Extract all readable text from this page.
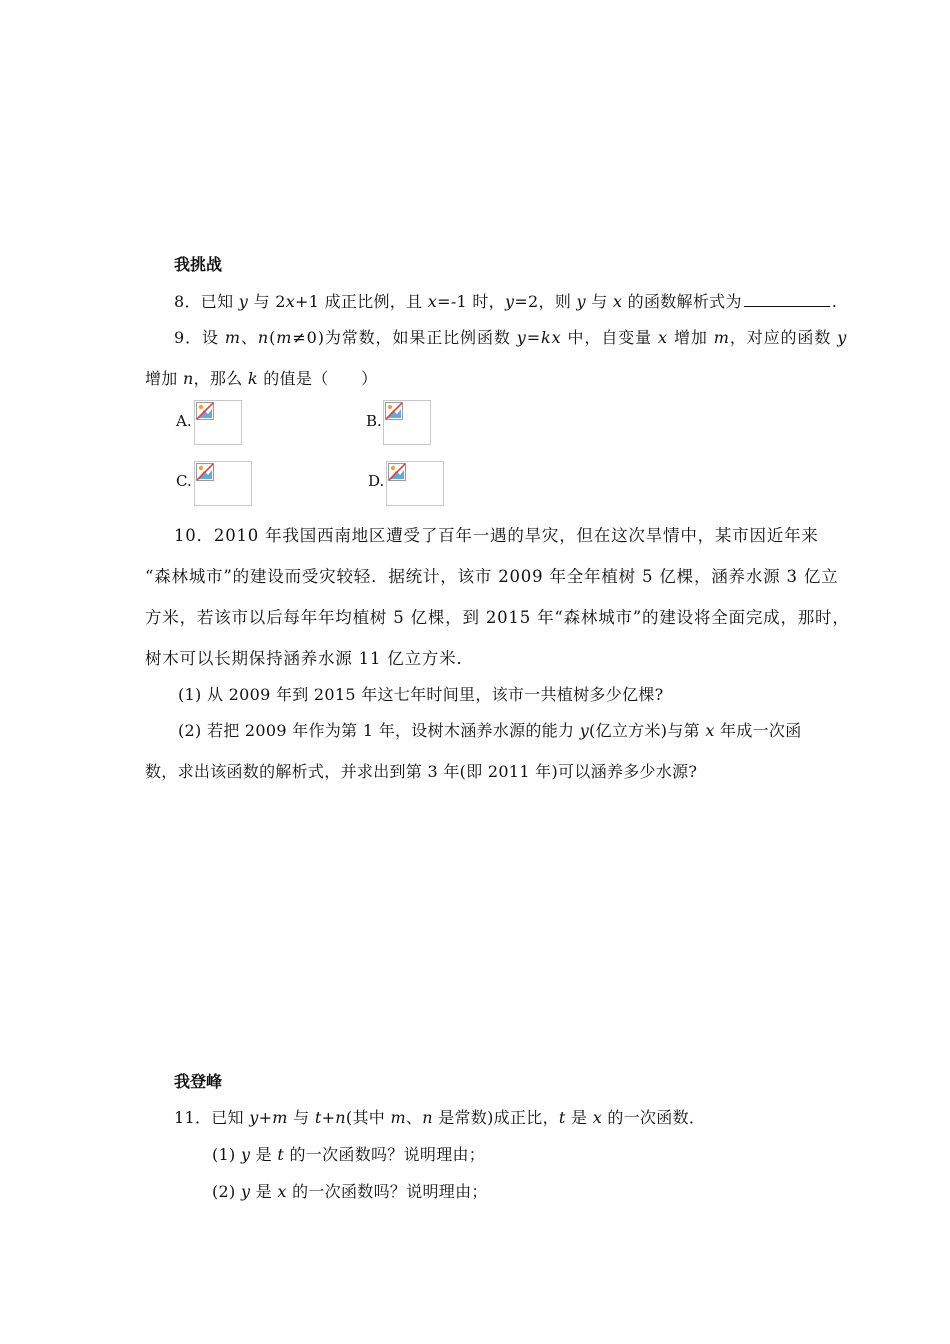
我挑战
8．已知 y 与 2x+1 成正比例，且 x=-1 时，y=2，则 y 与 x 的函数解析式为	.
9．设 m、n(m≠0)为常数，如果正比例函数 y=kx 中，自变量 x 增加 m，对应的函数 y
增加 n，那么 k 的值是（　　）
A.	B.
C.	D.
10．2010 年我国西南地区遭受了百年一遇的旱灾，但在这次旱情中，某市因近年来
“森林城市”的建设而受灾较轻．据统计，该市 2009 年全年植树 5 亿棵，涵养水源 3 亿立
方米，若该市以后每年年均植树 5 亿棵，到 2015 年“森林城市”的建设将全面完成，那时，
树木可以长期保持涵养水源 11 亿立方米．
(1) 从 2009 年到 2015 年这七年时间里，该市一共植树多少亿棵?
(2) 若把 2009 年作为第 1 年，设树木涵养水源的能力 y(亿立方米)与第 x 年成一次函
数，求出该函数的解析式，并求出到第 3 年(即 2011 年)可以涵养多少水源?
我登峰
11．已知 y+m 与 t+n(其中 m、n 是常数)成正比，t 是 x 的一次函数．
(1) y 是 t 的一次函数吗？说明理由；
(2) y 是 x 的一次函数吗？说明理由；
